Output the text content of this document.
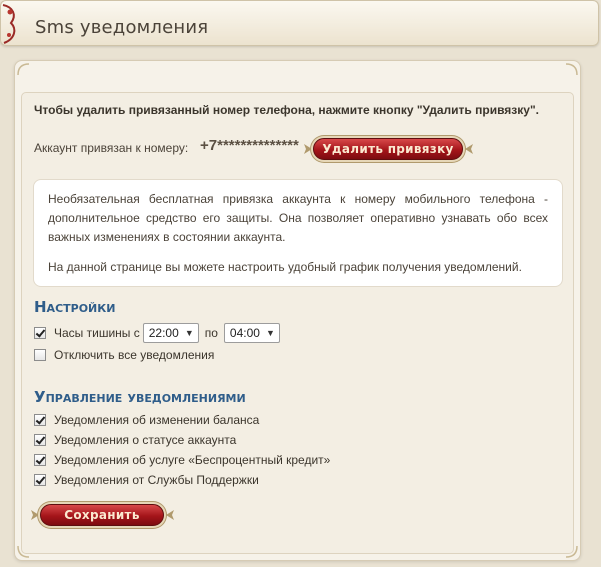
Sms уведомления
Чтобы удалить привязанный номер телефона, нажмите кнопку "Удалить привязку".
Аккаунт привязан к номеру: +7**************	Удалить привязку

Необязательная бесплатная привязка аккаунта к номеру мобильного телефона - дополнительное средство его защиты. Она позволяет оперативно узнавать обо всех важных изменениях в состоянии аккаунта.

На данной странице вы можете настроить удобный график получения уведомлений.

Настройки
Часы тишины с 22:00 ▼ по 04:00 ▼
Отключить все уведомления
Управление уведомлениями
Уведомления об изменении баланса
Уведомления о статусе аккаунта
Уведомления об услуге «Беспроцентный кредит»
Уведомления от Службы Поддержки
Сохранить
